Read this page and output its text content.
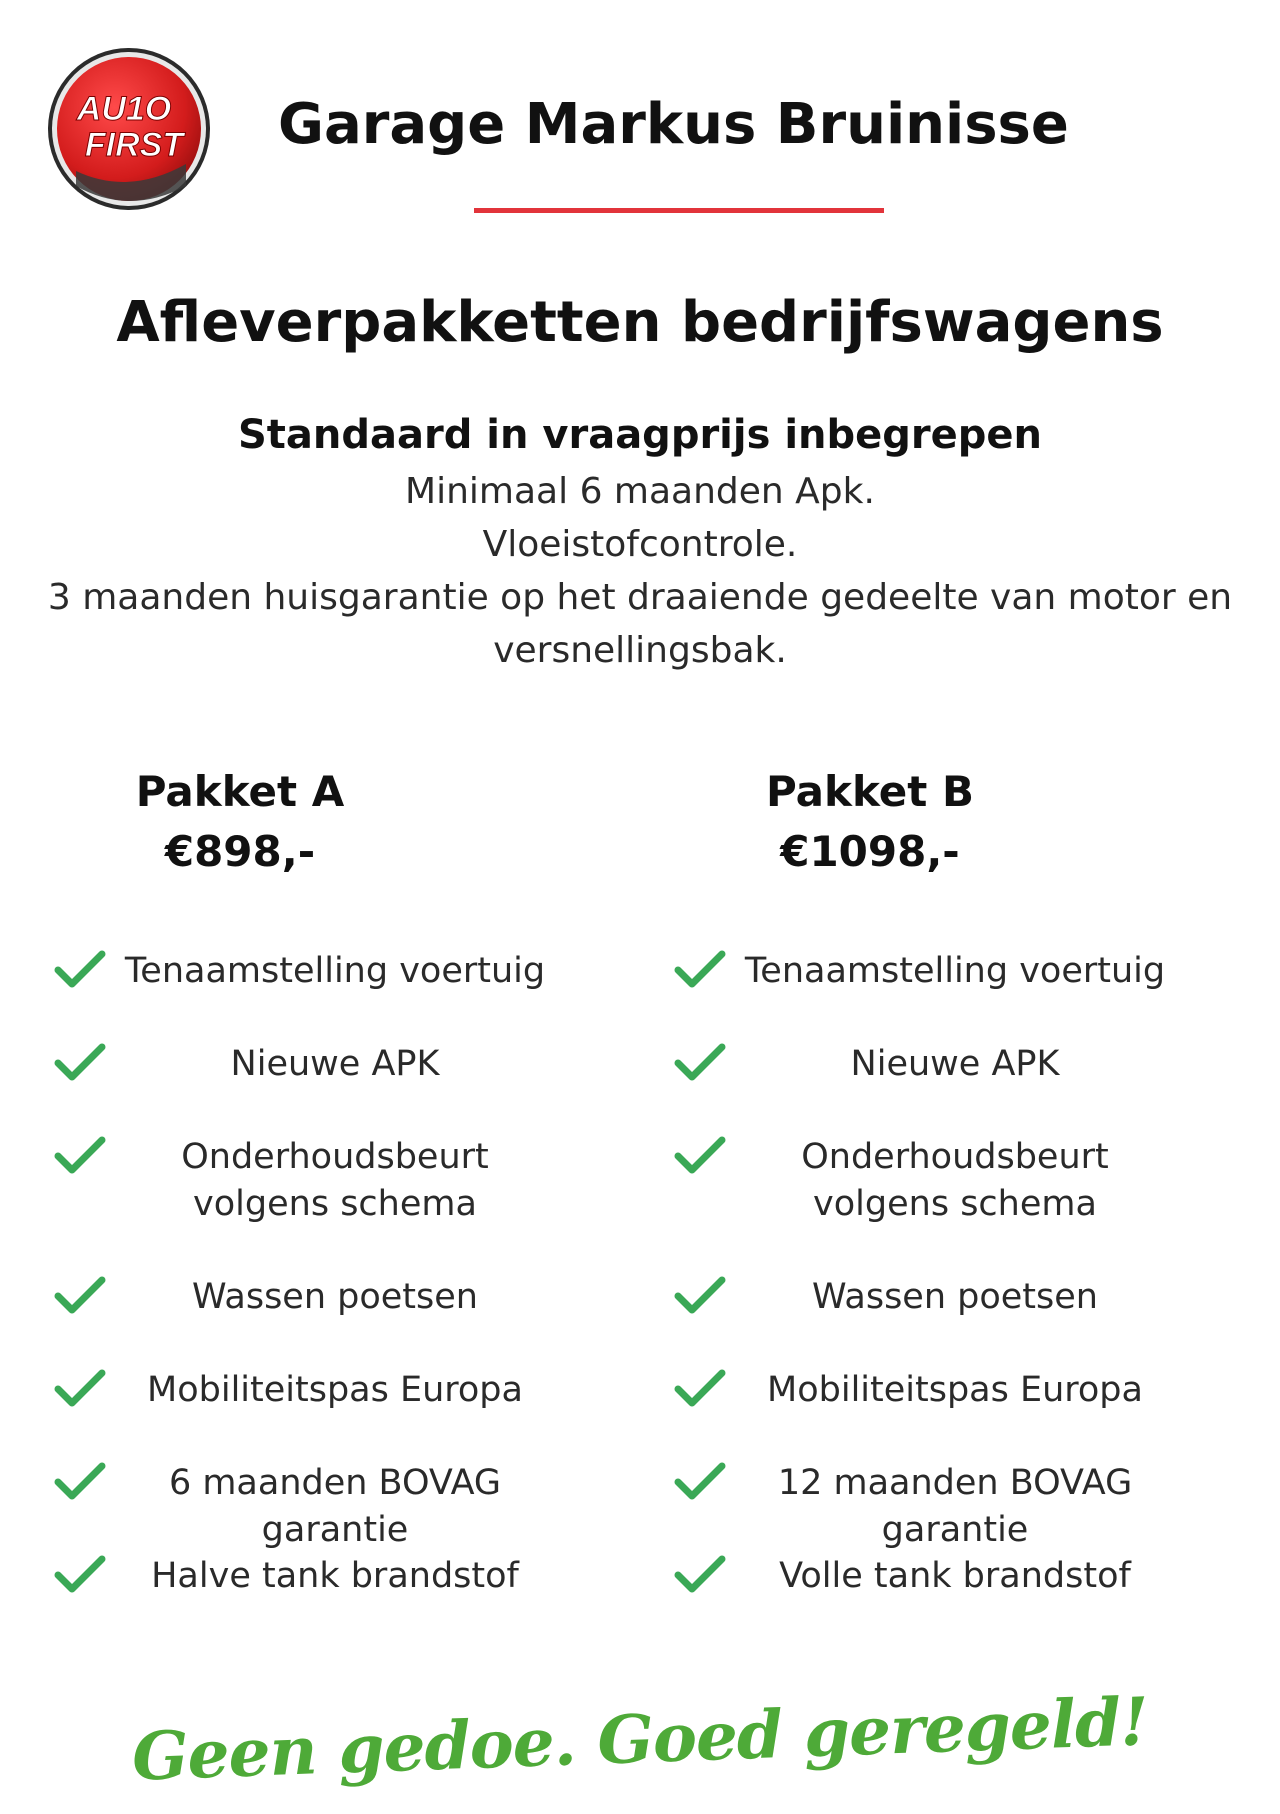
AU1O
FIRST Garage Markus Bruinisse
Afleverpakketten bedrijfswagens
Standaard in vraagprijs inbegrepen
Minimaal 6 maanden Apk.
Vloeistofcontrole.
3 maanden huisgarantie op het draaiende gedeelte van motor en versnellingsbak.
Pakket A
€898,-
Tenaamstelling voertuig
Nieuwe APK
Onderhoudsbeurt volgens schema
Wassen poetsen
Mobiliteitspas Europa
6 maanden BOVAG garantie
Halve tank brandstof
Pakket B
€1098,-
Tenaamstelling voertuig
Nieuwe APK
Onderhoudsbeurt volgens schema
Wassen poetsen
Mobiliteitspas Europa
12 maanden BOVAG garantie
Volle tank brandstof
Geen gedoe. Goed geregeld!
